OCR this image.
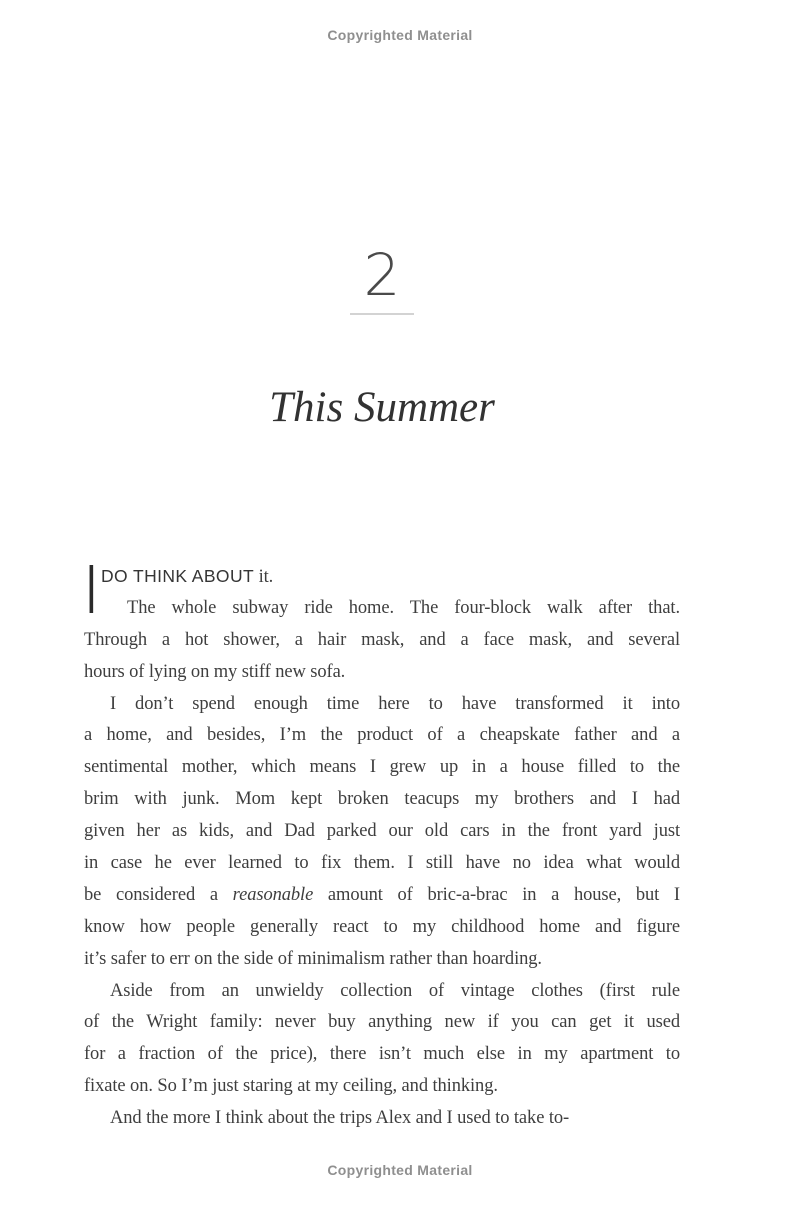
Copyrighted Material
2
This Summer
I DO THINK ABOUT it.
The whole subway ride home. The four-block walk after that.
Through a hot shower, a hair mask, and a face mask, and several
hours of lying on my stiff new sofa.
I don’t spend enough time here to have transformed it into
a home, and besides, I’m the product of a cheapskate father and a
sentimental mother, which means I grew up in a house filled to the
brim with junk. Mom kept broken teacups my brothers and I had
given her as kids, and Dad parked our old cars in the front yard just
in case he ever learned to fix them. I still have no idea what would
be considered a reasonable amount of bric-a-brac in a house, but I
know how people generally react to my childhood home and figure
it’s safer to err on the side of minimalism rather than hoarding.
Aside from an unwieldy collection of vintage clothes (first rule
of the Wright family: never buy anything new if you can get it used
for a fraction of the price), there isn’t much else in my apartment to
fixate on. So I’m just staring at my ceiling, and thinking.
And the more I think about the trips Alex and I used to take to-
Copyrighted Material
